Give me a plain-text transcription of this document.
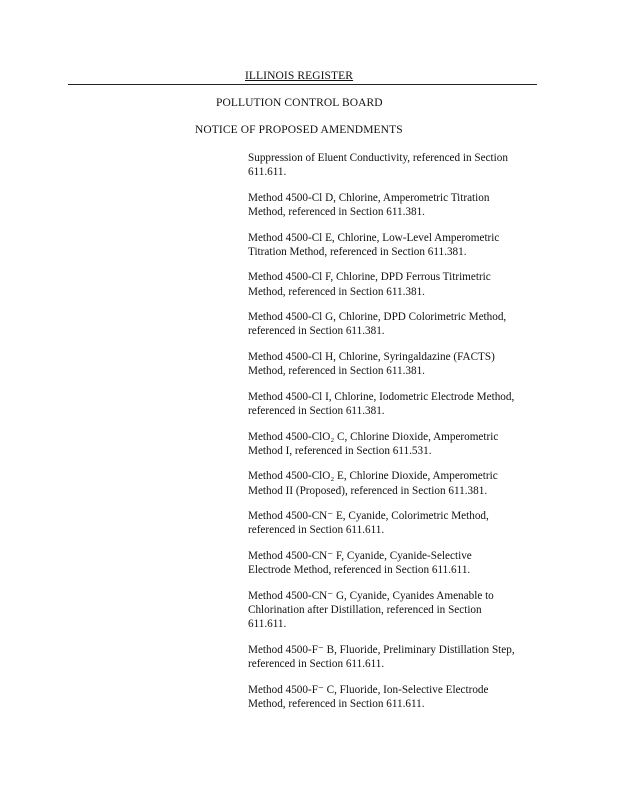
ILLINOIS REGISTER
POLLUTION CONTROL BOARD
NOTICE OF PROPOSED AMENDMENTS
Suppression of Eluent Conductivity, referenced in Section
611.611.
Method 4500-Cl D, Chlorine, Amperometric Titration
Method, referenced in Section 611.381.
Method 4500-Cl E, Chlorine, Low-Level Amperometric
Titration Method, referenced in Section 611.381.
Method 4500-Cl F, Chlorine, DPD Ferrous Titrimetric
Method, referenced in Section 611.381.
Method 4500-Cl G, Chlorine, DPD Colorimetric Method,
referenced in Section 611.381.
Method 4500-Cl H, Chlorine, Syringaldazine (FACTS)
Method, referenced in Section 611.381.
Method 4500-Cl I, Chlorine, Iodometric Electrode Method,
referenced in Section 611.381.
Method 4500-ClO₂ C, Chlorine Dioxide, Amperometric
Method I, referenced in Section 611.531.
Method 4500-ClO₂ E, Chlorine Dioxide, Amperometric
Method II (Proposed), referenced in Section 611.381.
Method 4500-CN⁻ E, Cyanide, Colorimetric Method,
referenced in Section 611.611.
Method 4500-CN⁻ F, Cyanide, Cyanide-Selective
Electrode Method, referenced in Section 611.611.
Method 4500-CN⁻ G, Cyanide, Cyanides Amenable to
Chlorination after Distillation, referenced in Section
611.611.
Method 4500-F⁻ B, Fluoride, Preliminary Distillation Step,
referenced in Section 611.611.
Method 4500-F⁻ C, Fluoride, Ion-Selective Electrode
Method, referenced in Section 611.611.
